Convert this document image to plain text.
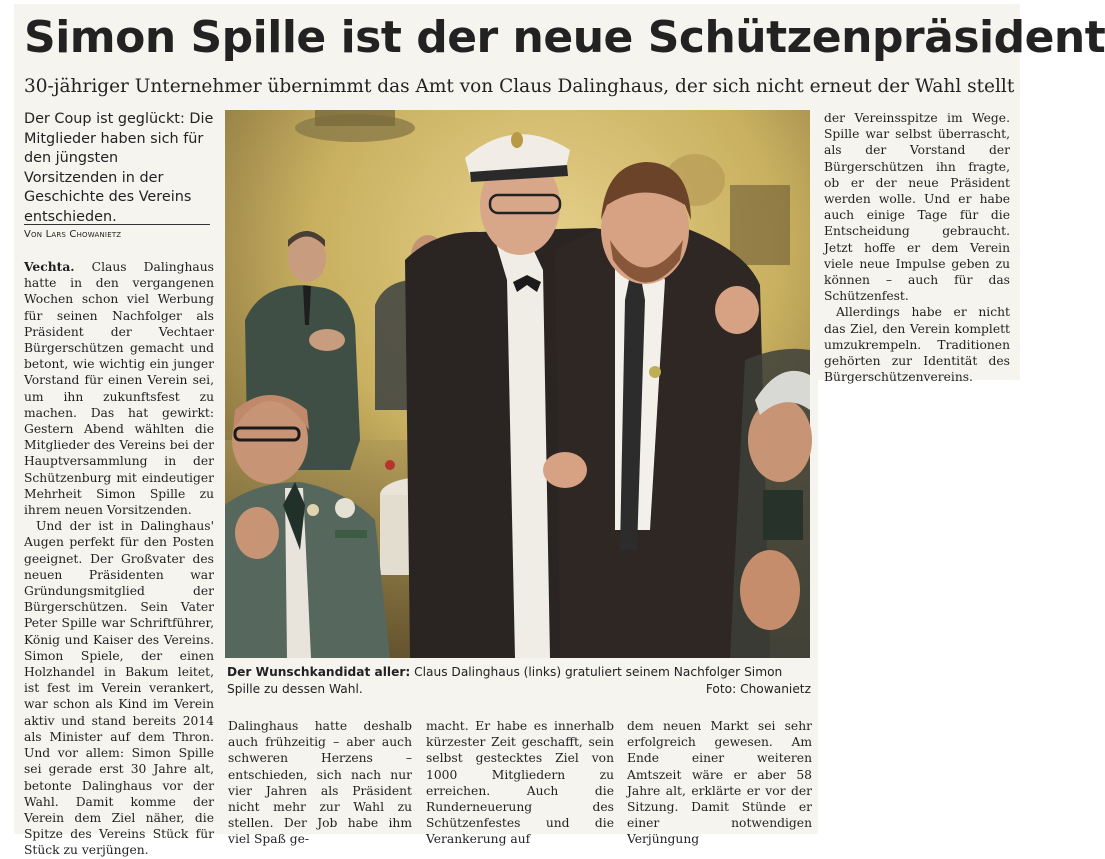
Simon Spille ist der neue Schützenpräsident
30-jähriger Unternehmer übernimmt das Amt von Claus Dalinghaus, der sich nicht erneut der Wahl stellt
Der Coup ist geglückt: Die Mitglieder haben sich für den jüngsten Vorsitzenden in der Geschichte des Vereins entschieden.
Von Lars Chowanietz

Vechta. Claus Dalinghaus hatte in den vergangenen Wochen schon viel Werbung für seinen Nachfolger als Präsident der Vechtaer Bürgerschützen gemacht und betont, wie wichtig ein junger Vorstand für einen Verein sei, um ihn zukunftsfest zu machen. Das hat gewirkt: Gestern Abend wählten die Mitglieder des Vereins bei der Hauptversammlung in der Schützenburg mit eindeutiger Mehrheit Simon Spille zu ihrem neuen Vorsitzenden.

Und der ist in Dalinghaus' Augen perfekt für den Posten geeignet. Der Großvater des neuen Präsidenten war Gründungsmitglied der Bürgerschützen. Sein Vater Peter Spille war Schriftführer, König und Kaiser des Vereins. Simon Spiele, der einen Holzhandel in Bakum leitet, ist fest im Verein verankert, war schon als Kind im Verein aktiv und stand bereits 2014 als Minister auf dem Thron. Und vor allem: Simon Spille sei gerade erst 30 Jahre alt, betonte Dalinghaus vor der Wahl. Damit komme der Verein dem Ziel näher, die Spitze des Vereins Stück für Stück zu verjüngen.

Der Wunschkandidat aller: Claus Dalinghaus (links) gratuliert seinem Nachfolger Simon Spille zu dessen Wahl.	Foto: Chowanietz
Dalinghaus hatte deshalb auch frühzeitig – aber auch schweren Herzens – entschieden, sich nach nur vier Jahren als Präsident nicht mehr zur Wahl zu stellen. Der Job habe ihm viel Spaß ge-
macht. Er habe es innerhalb kürzester Zeit geschafft, sein selbst gestecktes Ziel von 1000 Mitgliedern zu erreichen. Auch die Runderneuerung des Schützenfestes und die Verankerung auf
dem neuen Markt sei sehr erfolgreich gewesen. Am Ende einer weiteren Amtszeit wäre er aber 58 Jahre alt, erklärte er vor der Sitzung. Damit Stünde er einer notwendigen Verjüngung

der Vereinsspitze im Wege. Spille war selbst überrascht, als der Vorstand der Bürgerschützen ihn fragte, ob er der neue Präsident werden wolle. Und er habe auch einige Tage für die Entscheidung gebraucht. Jetzt hoffe er dem Verein viele neue Impulse geben zu können – auch für das Schützenfest.

Allerdings habe er nicht das Ziel, den Verein komplett umzukrempeln. Traditionen gehörten zur Identität des Bürgerschützenvereins.
